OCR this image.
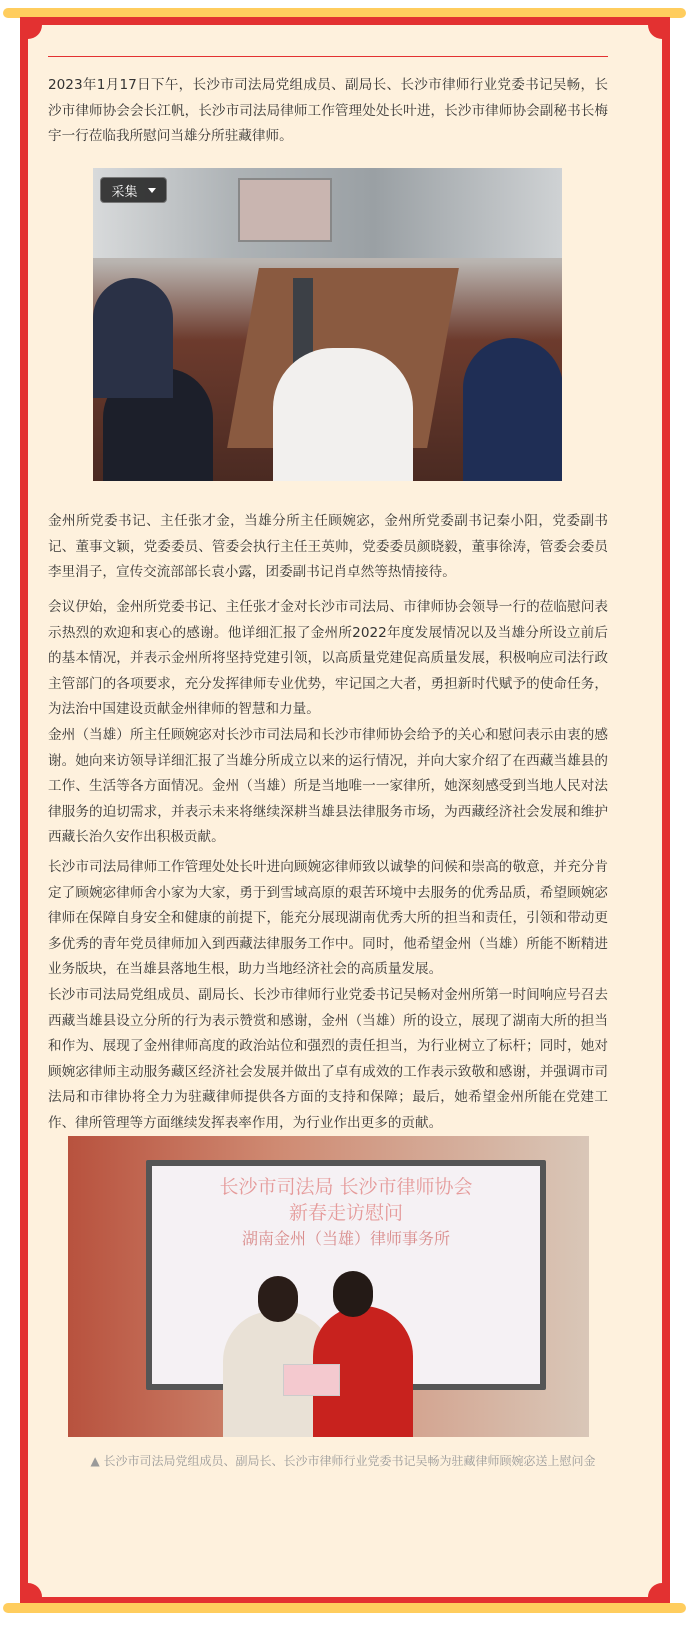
2023年1月17日下午，长沙市司法局党组成员、副局长、长沙市律师行业党委书记吴畅，长沙市律师协会会长江帆，长沙市司法局律师工作管理处处长叶进，长沙市律师协会副秘书长梅宇一行莅临我所慰问当雄分所驻藏律师。

采集

金州所党委书记、主任张才金，当雄分所主任顾婉宓，金州所党委副书记秦小阳，党委副书记、董事文颖，党委委员、管委会执行主任王英帅，党委委员颜晓毅，董事徐涛，管委会委员李里涓子，宣传交流部部长袁小露，团委副书记肖卓然等热情接待。

会议伊始，金州所党委书记、主任张才金对长沙市司法局、市律师协会领导一行的莅临慰问表示热烈的欢迎和衷心的感谢。他详细汇报了金州所2022年度发展情况以及当雄分所设立前后的基本情况，并表示金州所将坚持党建引领，以高质量党建促高质量发展，积极响应司法行政主管部门的各项要求，充分发挥律师专业优势，牢记国之大者，勇担新时代赋予的使命任务，为法治中国建设贡献金州律师的智慧和力量。

金州（当雄）所主任顾婉宓对长沙市司法局和长沙市律师协会给予的关心和慰问表示由衷的感谢。她向来访领导详细汇报了当雄分所成立以来的运行情况，并向大家介绍了在西藏当雄县的工作、生活等各方面情况。金州（当雄）所是当地唯一一家律所，她深刻感受到当地人民对法律服务的迫切需求，并表示未来将继续深耕当雄县法律服务市场，为西藏经济社会发展和维护西藏长治久安作出积极贡献。

长沙市司法局律师工作管理处处长叶进向顾婉宓律师致以诚挚的问候和崇高的敬意，并充分肯定了顾婉宓律师舍小家为大家，勇于到雪域高原的艰苦环境中去服务的优秀品质，希望顾婉宓律师在保障自身安全和健康的前提下，能充分展现湖南优秀大所的担当和责任，引领和带动更多优秀的青年党员律师加入到西藏法律服务工作中。同时，他希望金州（当雄）所能不断精进业务版块，在当雄县落地生根，助力当地经济社会的高质量发展。

长沙市司法局党组成员、副局长、长沙市律师行业党委书记吴畅对金州所第一时间响应号召去西藏当雄县设立分所的行为表示赞赏和感谢，金州（当雄）所的设立，展现了湖南大所的担当和作为、展现了金州律师高度的政治站位和强烈的责任担当，为行业树立了标杆；同时，她对顾婉宓律师主动服务藏区经济社会发展并做出了卓有成效的工作表示致敬和感谢，并强调市司法局和市律协将全力为驻藏律师提供各方面的支持和保障；最后，她希望金州所能在党建工作、律所管理等方面继续发挥表率作用，为行业作出更多的贡献。

长沙市司法局 长沙市律师协会
新春走访慰问
湖南金州（当雄）律师事务所
▲ 长沙市司法局党组成员、副局长、长沙市律师行业党委书记吴畅为驻藏律师顾婉宓送上慰问金
